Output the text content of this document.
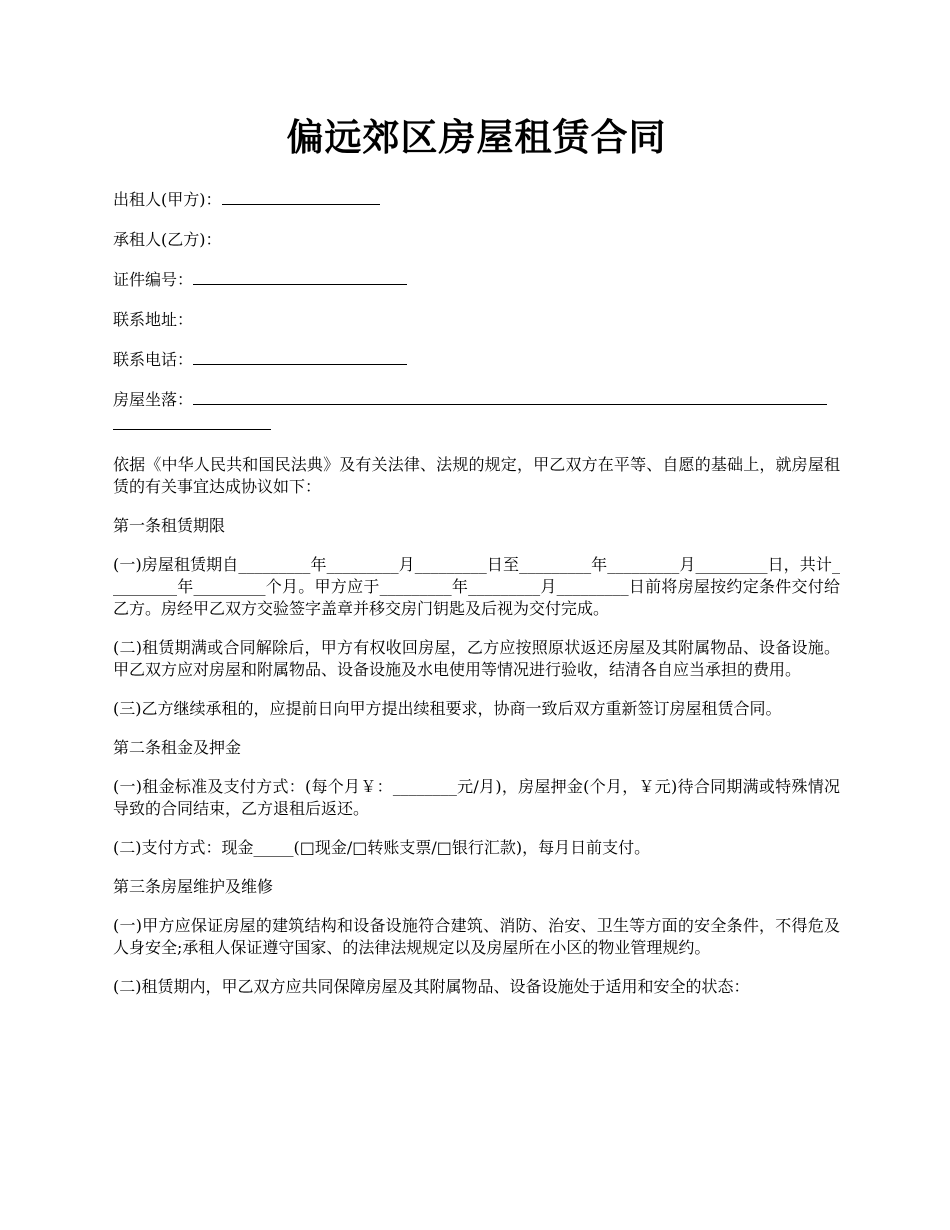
偏远郊区房屋租赁合同
出租人(甲方)：
承租人(乙方)：
证件编号：
联系地址：
联系电话：
房屋坐落：

依据《中华人民共和国民法典》及有关法律、法规的规定，甲乙双方在平等、自愿的基础上，就房屋租赁的有关事宜达成协议如下：

第一条租赁期限

(一)房屋租赁期自_________年_________月_________日至_________年_________月_________日，共计_________年_________个月。甲方应于_________年_________月_________日前将房屋按约定条件交付给乙方。房经甲乙双方交验签字盖章并移交房门钥匙及后视为交付完成。

(二)租赁期满或合同解除后，甲方有权收回房屋，乙方应按照原状返还房屋及其附属物品、设备设施。甲乙双方应对房屋和附属物品、设备设施及水电使用等情况进行验收，结清各自应当承担的费用。

(三)乙方继续承租的，应提前日向甲方提出续租要求，协商一致后双方重新签订房屋租赁合同。

第二条租金及押金

(一)租金标准及支付方式：(每个月￥：________元/月)，房屋押金(个月，￥元)待合同期满或特殊情况导致的合同结束，乙方退租后返还。

(二)支付方式：现金_____(□现金/□转账支票/□银行汇款)，每月日前支付。

第三条房屋维护及维修

(一)甲方应保证房屋的建筑结构和设备设施符合建筑、消防、治安、卫生等方面的安全条件，不得危及人身安全;承租人保证遵守国家、的法律法规规定以及房屋所在小区的物业管理规约。

(二)租赁期内，甲乙双方应共同保障房屋及其附属物品、设备设施处于适用和安全的状态：
